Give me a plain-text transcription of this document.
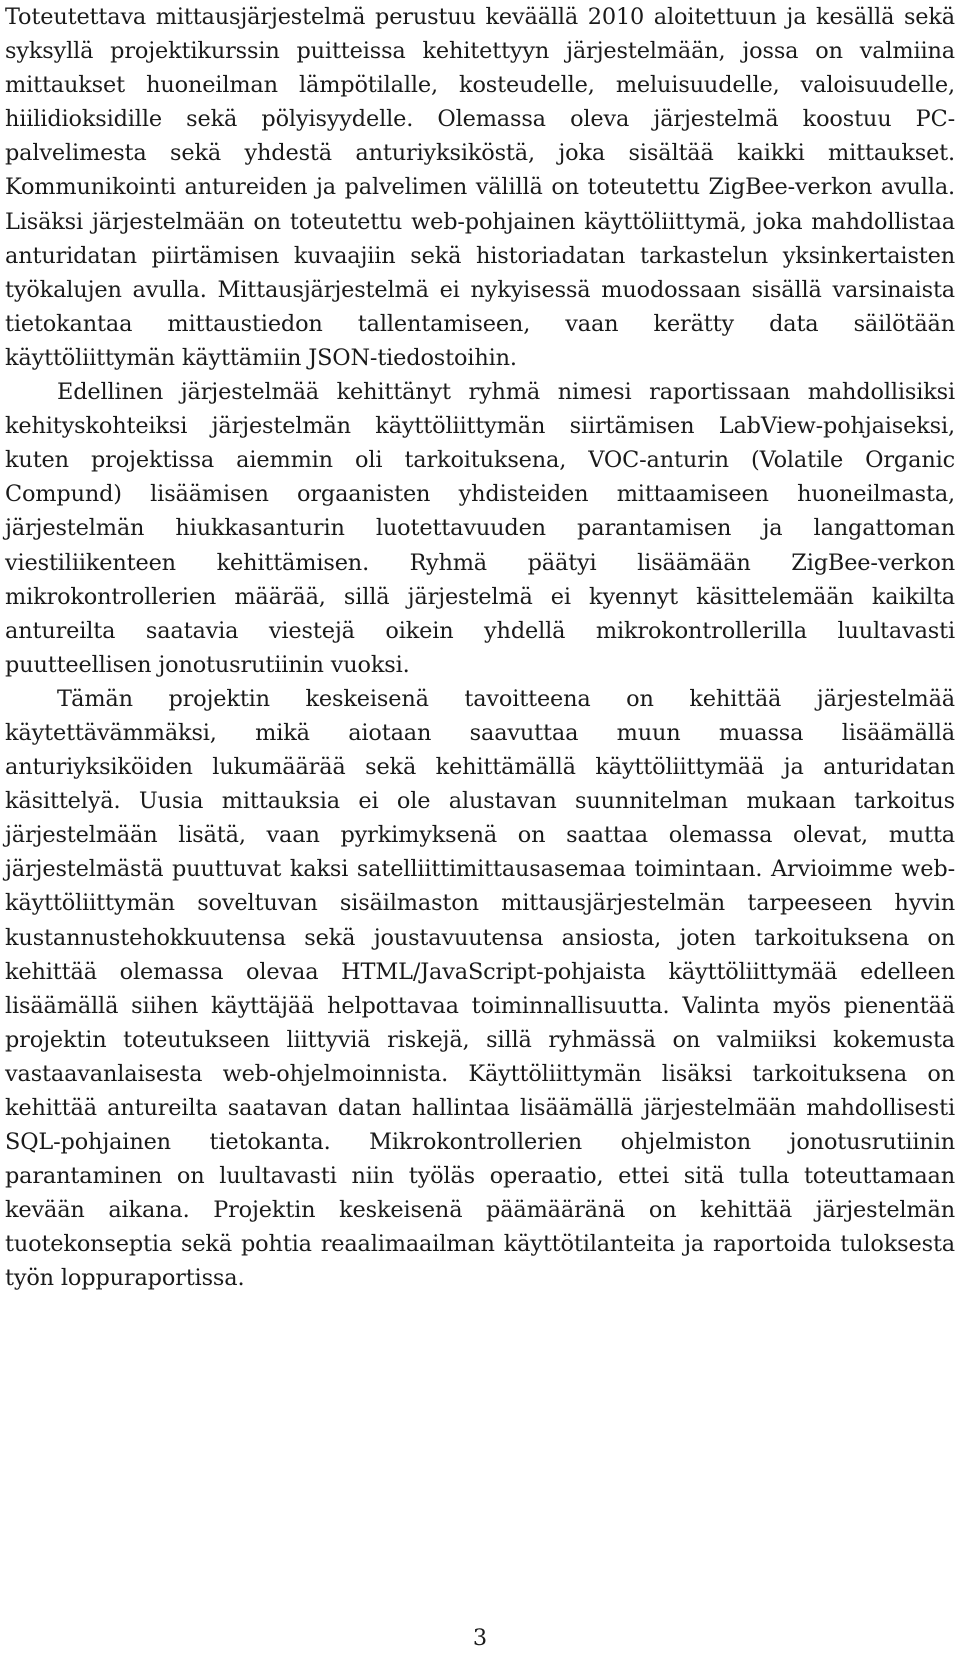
Toteutettava mittausjärjestelmä perustuu keväällä 2010 aloitettuun ja kesällä sekä syksyllä projektikurssin puitteissa kehitettyyn järjestelmään, jossa on valmiina mittaukset huoneilman lämpötilalle, kosteudelle, meluisuudelle, valoisuudelle, hiilidioksidille sekä pölyisyydelle. Olemassa oleva järjestelmä koostuu PC-palvelimesta sekä yhdestä anturiyksiköstä, joka sisältää kaikki mittaukset. Kommunikointi antureiden ja palvelimen välillä on toteutettu ZigBee-verkon avulla. Lisäksi järjestelmään on toteutettu web-pohjainen käyttöliittymä, joka mahdollistaa anturidatan piirtämisen kuvaajiin sekä historiadatan tarkastelun yksinkertaisten työkalujen avulla. Mittausjärjestelmä ei nykyisessä muodossaan sisällä varsinaista tietokantaa mittaustiedon tallentamiseen, vaan kerätty data säilötään käyttöliittymän käyttämiin JSON-tiedostoihin.

Edellinen järjestelmää kehittänyt ryhmä nimesi raportissaan mahdollisiksi kehityskohteiksi järjestelmän käyttöliittymän siirtämisen LabView-pohjaiseksi, kuten projektissa aiemmin oli tarkoituksena, VOC-anturin (Volatile Organic Compund) lisäämisen orgaanisten yhdisteiden mittaamiseen huoneilmasta, järjestelmän hiukkasanturin luotettavuuden parantamisen ja langattoman viestiliikenteen kehittämisen. Ryhmä päätyi lisäämään ZigBee-verkon mikrokontrollerien määrää, sillä järjestelmä ei kyennyt käsittelemään kaikilta antureilta saatavia viestejä oikein yhdellä mikrokontrollerilla luultavasti puutteellisen jonotusrutiinin vuoksi.

Tämän projektin keskeisenä tavoitteena on kehittää järjestelmää käytettävämmäksi, mikä aiotaan saavuttaa muun muassa lisäämällä anturiyksiköiden lukumäärää sekä kehittämällä käyttöliittymää ja anturidatan käsittelyä. Uusia mittauksia ei ole alustavan suunnitelman mukaan tarkoitus järjestelmään lisätä, vaan pyrkimyksenä on saattaa olemassa olevat, mutta järjestelmästä puuttuvat kaksi satelliittimittausasemaa toimintaan. Arvioimme web-käyttöliittymän soveltuvan sisäilmaston mittausjärjestelmän tarpeeseen hyvin kustannustehokkuutensa sekä joustavuutensa ansiosta, joten tarkoituksena on kehittää olemassa olevaa HTML/JavaScript-pohjaista käyttöliittymää edelleen lisäämällä siihen käyttäjää helpottavaa toiminnallisuutta. Valinta myös pienentää projektin toteutukseen liittyviä riskejä, sillä ryhmässä on valmiiksi kokemusta vastaavanlaisesta web-ohjelmoinnista. Käyttöliittymän lisäksi tarkoituksena on kehittää antureilta saatavan datan hallintaa lisäämällä järjestelmään mahdollisesti SQL-pohjainen tietokanta. Mikrokontrollerien ohjelmiston jonotusrutiinin parantaminen on luultavasti niin työläs operaatio, ettei sitä tulla toteuttamaan kevään aikana. Projektin keskeisenä päämääränä on kehittää järjestelmän tuotekonseptia sekä pohtia reaalimaailman käyttötilanteita ja raportoida tuloksesta työn loppuraportissa.

3
